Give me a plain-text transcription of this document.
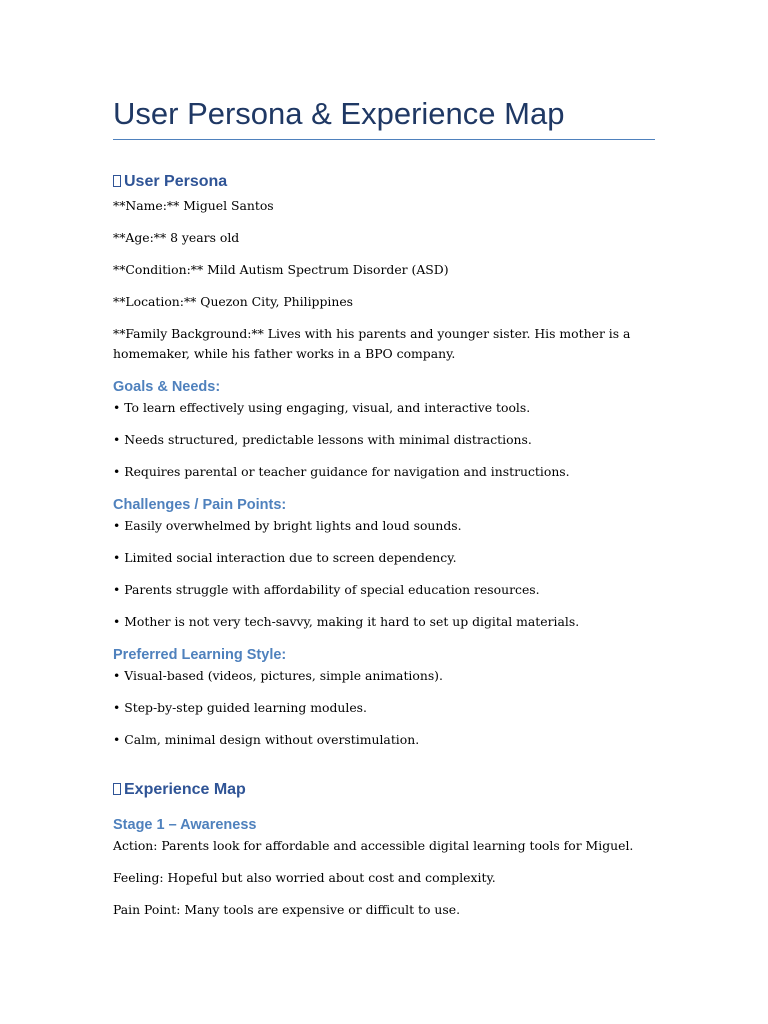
User Persona & Experience Map
User Persona

**Name:** Miguel Santos

**Age:** 8 years old

**Condition:** Mild Autism Spectrum Disorder (ASD)

**Location:** Quezon City, Philippines

**Family Background:** Lives with his parents and younger sister. His mother is a

homemaker, while his father works in a BPO company.

Goals & Needs:

• To learn effectively using engaging, visual, and interactive tools.

• Needs structured, predictable lessons with minimal distractions.

• Requires parental or teacher guidance for navigation and instructions.

Challenges / Pain Points:

• Easily overwhelmed by bright lights and loud sounds.

• Limited social interaction due to screen dependency.

• Parents struggle with affordability of special education resources.

• Mother is not very tech-savvy, making it hard to set up digital materials.

Preferred Learning Style:

• Visual-based (videos, pictures, simple animations).

• Step-by-step guided learning modules.

• Calm, minimal design without overstimulation.

Experience Map
Stage 1 – Awareness

Action: Parents look for affordable and accessible digital learning tools for Miguel.

Feeling: Hopeful but also worried about cost and complexity.

Pain Point: Many tools are expensive or difficult to use.
